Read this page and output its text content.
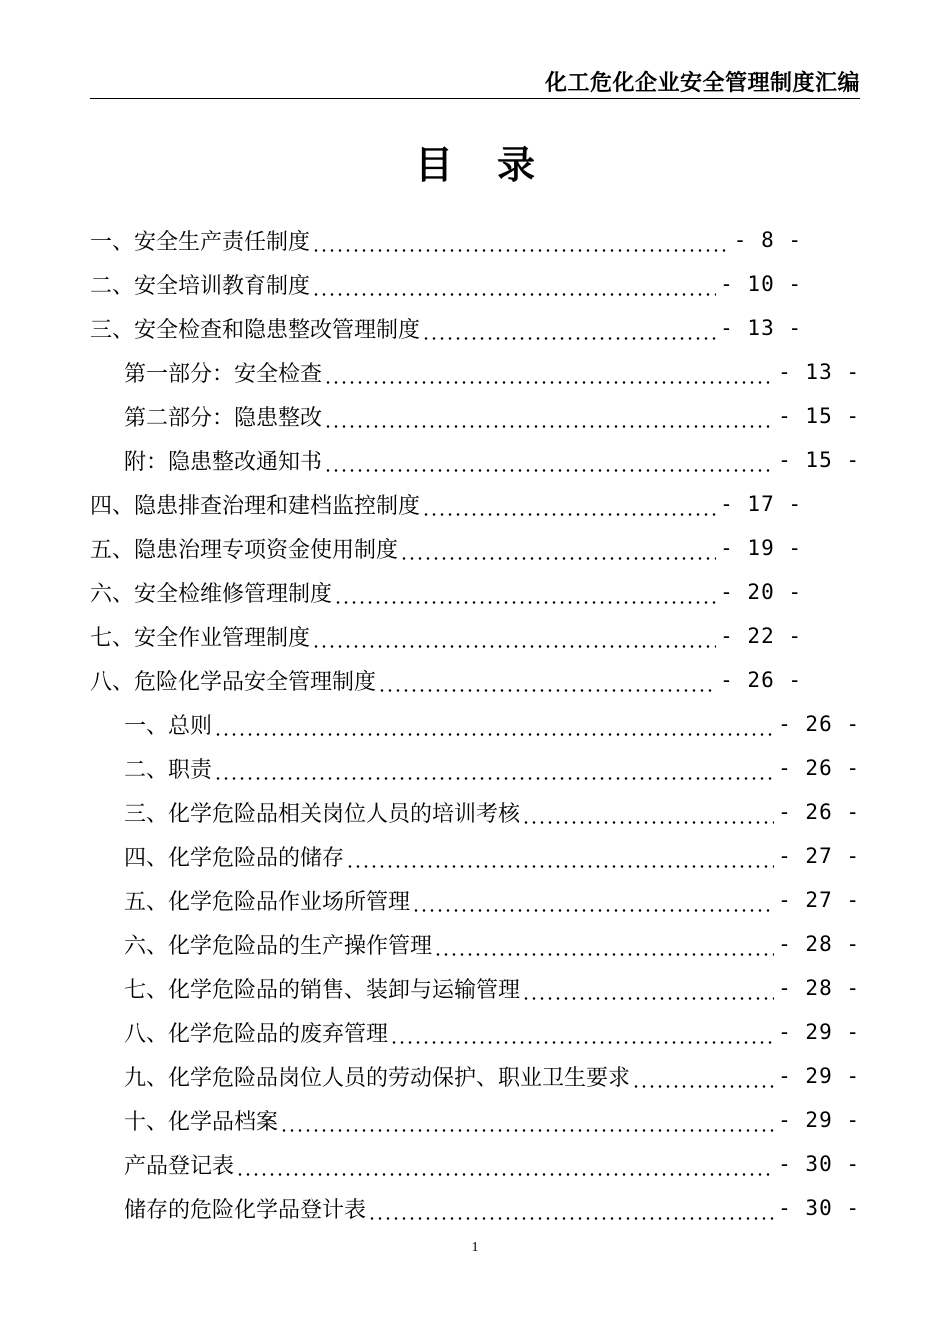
化工危化企业安全管理制度汇编
目录
一、安全生产责任制度	- 8 -
二、安全培训教育制度	- 10 -
三、安全检查和隐患整改管理制度	- 13 -
第一部分：安全检查	- 13 -
第二部分：隐患整改	- 15 -
附：隐患整改通知书	- 15 -
四、隐患排查治理和建档监控制度	- 17 -
五、隐患治理专项资金使用制度	- 19 -
六、安全检维修管理制度	- 20 -
七、安全作业管理制度	- 22 -
八、危险化学品安全管理制度	- 26 -
一、总则	- 26 -
二、职责	- 26 -
三、化学危险品相关岗位人员的培训考核	- 26 -
四、化学危险品的储存	- 27 -
五、化学危险品作业场所管理	- 27 -
六、化学危险品的生产操作管理	- 28 -
七、化学危险品的销售、装卸与运输管理	- 28 -
八、化学危险品的废弃管理	- 29 -
九、化学危险品岗位人员的劳动保护、职业卫生要求	- 29 -
十、化学品档案	- 29 -
产品登记表	- 30 -
储存的危险化学品登计表	- 30 -
1
